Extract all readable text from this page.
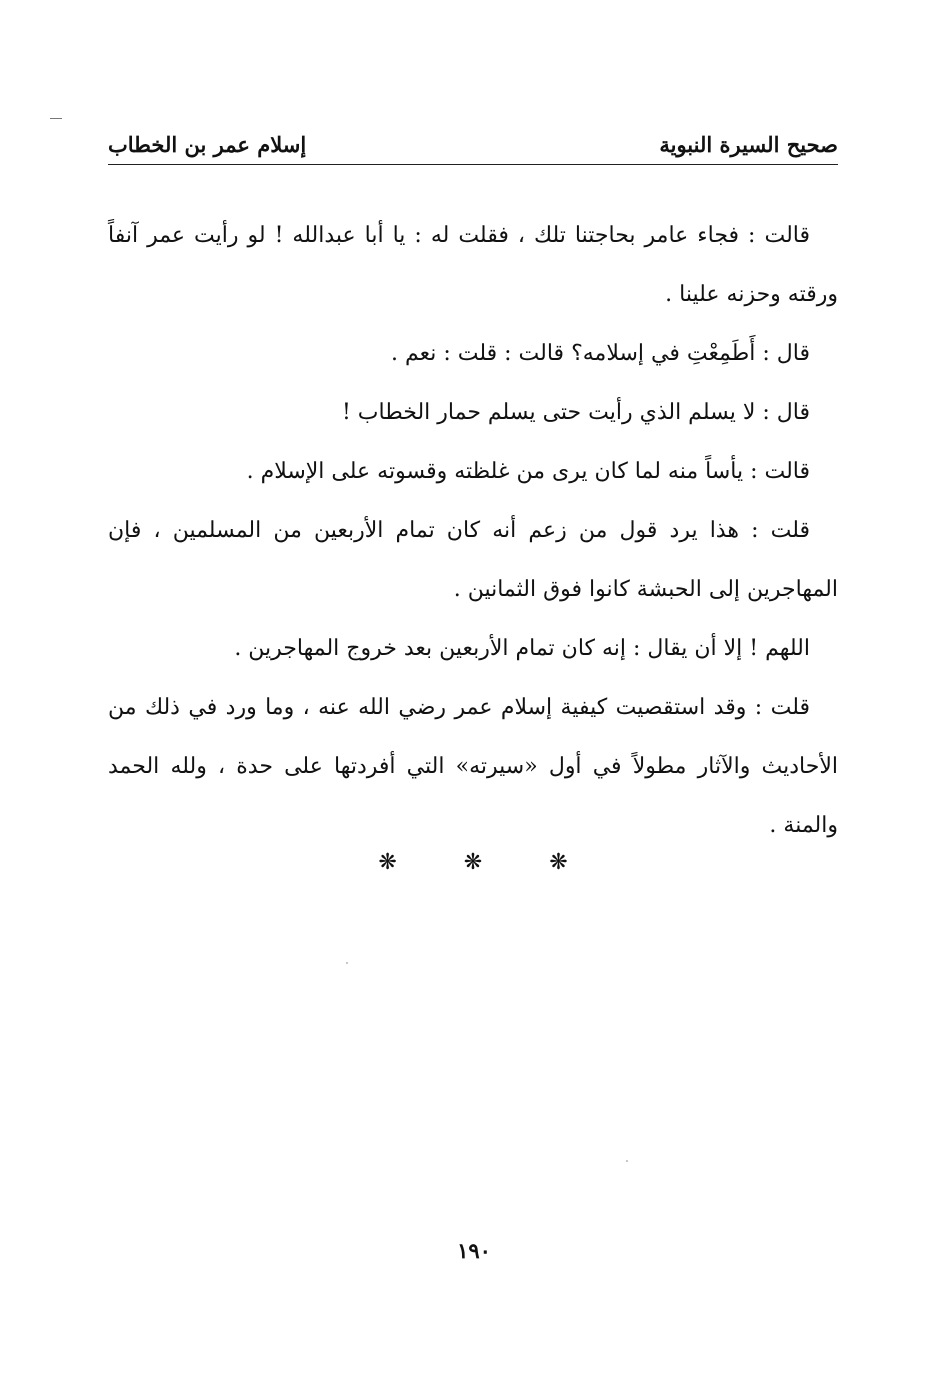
صحيح السيرة النبوية
إسلام عمر بن الخطاب

قالت : فجاء عامر بحاجتنا تلك ، فقلت له : يا أبا عبدالله ! لو رأيت عمر آنفاً ورقته وحزنه علينا .

قال : أَطَمِعْتِ في إسلامه؟ قالت : قلت : نعم .

قال : لا يسلم الذي رأيت حتى يسلم حمار الخطاب !

قالت : يأساً منه لما كان يرى من غلظته وقسوته على الإسلام .

قلت : هذا يرد قول من زعم أنه كان تمام الأربعين من المسلمين ، فإن المهاجرين إلى الحبشة كانوا فوق الثمانين .

اللهم ! إلا أن يقال : إنه كان تمام الأربعين بعد خروج المهاجرين .

قلت : وقد استقصيت كيفية إسلام عمر رضي الله عنه ، وما ورد في ذلك من الأحاديث والآثار مطولاً في أول «سيرته» التي أفردتها على حدة ، ولله الحمد والمنة .

❋ ❋ ❋
١٩٠
